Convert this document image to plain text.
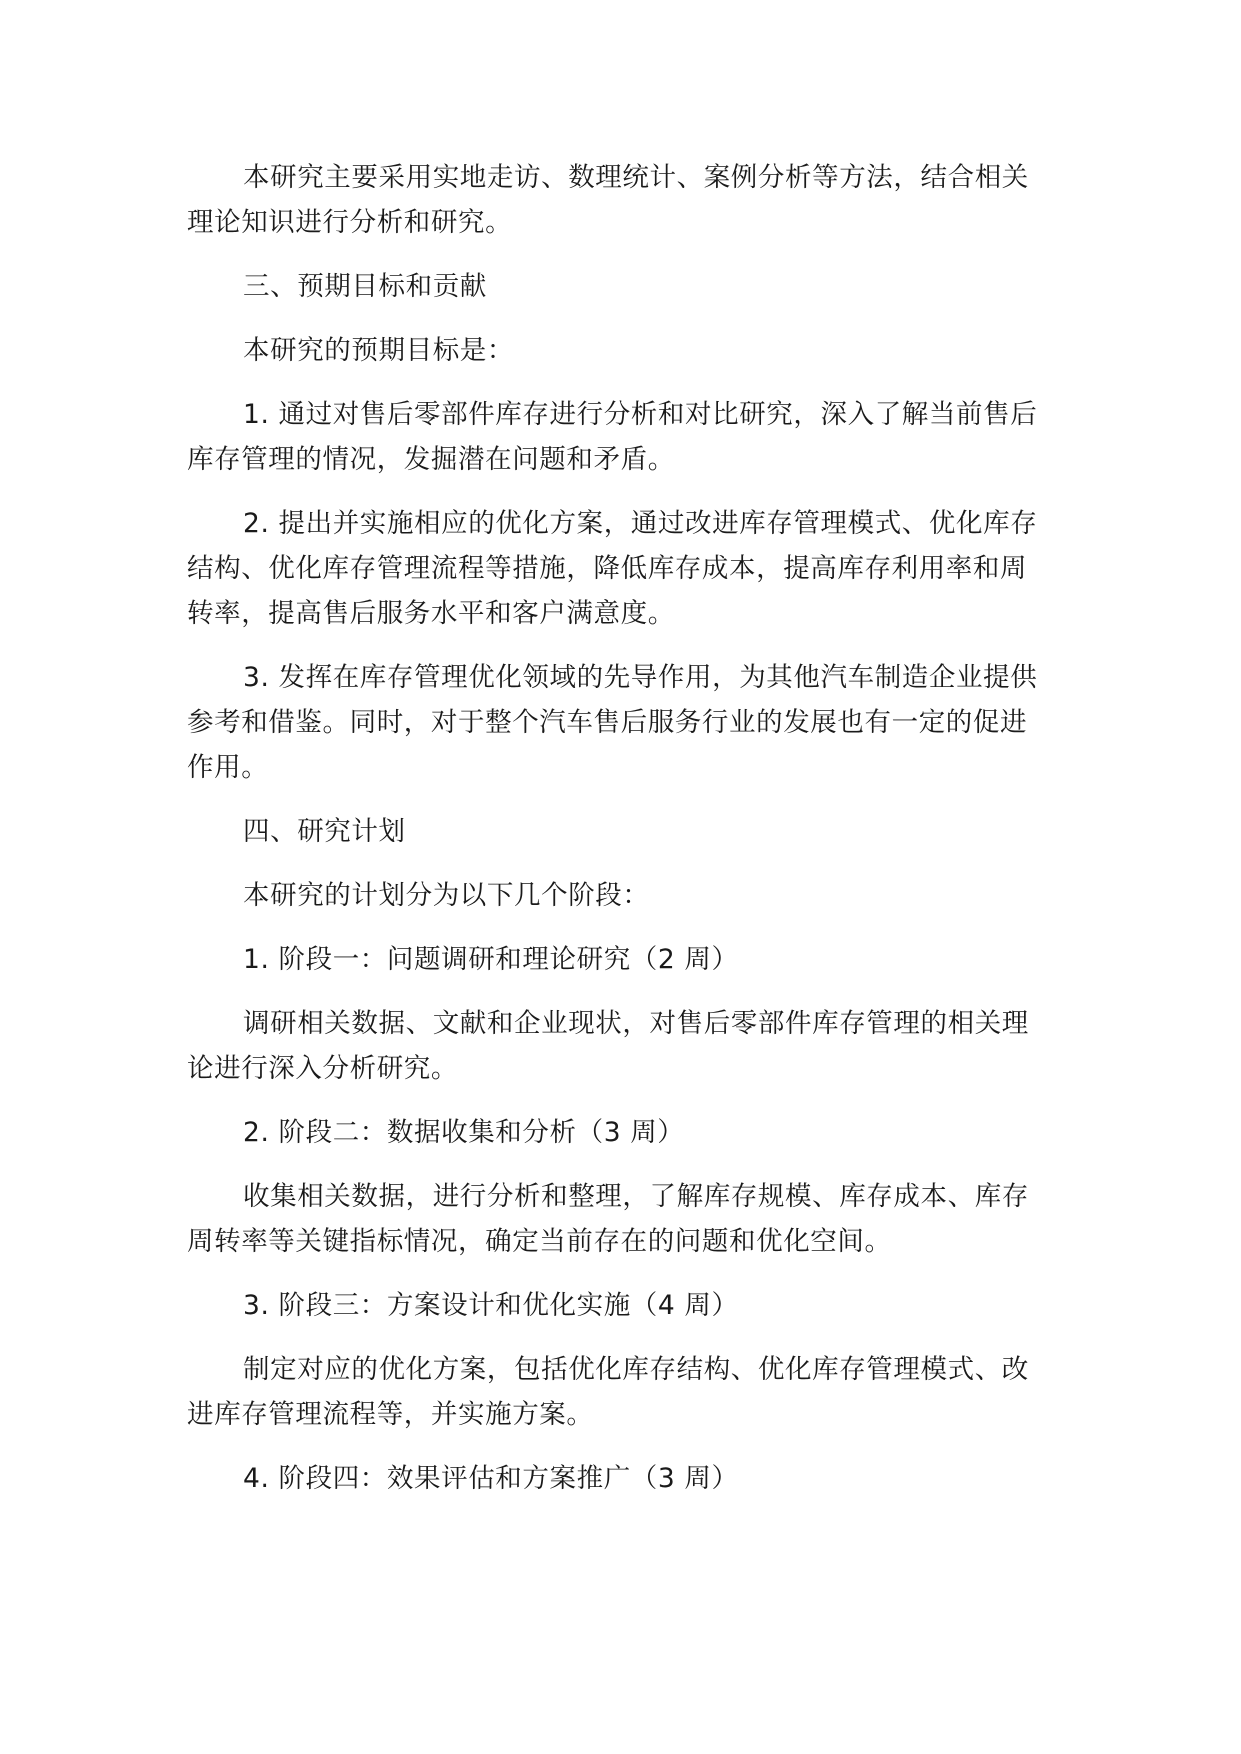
本研究主要采用实地走访、数理统计、案例分析等方法，结合相关理论知识进行分析和研究。

三、预期目标和贡献

本研究的预期目标是：

1. 通过对售后零部件库存进行分析和对比研究，深入了解当前售后库存管理的情况，发掘潜在问题和矛盾。

2. 提出并实施相应的优化方案，通过改进库存管理模式、优化库存结构、优化库存管理流程等措施，降低库存成本，提高库存利用率和周转率，提高售后服务水平和客户满意度。

3. 发挥在库存管理优化领域的先导作用，为其他汽车制造企业提供参考和借鉴。同时，对于整个汽车售后服务行业的发展也有一定的促进作用。

四、研究计划

本研究的计划分为以下几个阶段：

1. 阶段一：问题调研和理论研究（2 周）

调研相关数据、文献和企业现状，对售后零部件库存管理的相关理论进行深入分析研究。

2. 阶段二：数据收集和分析（3 周）

收集相关数据，进行分析和整理，了解库存规模、库存成本、库存周转率等关键指标情况，确定当前存在的问题和优化空间。

3. 阶段三：方案设计和优化实施（4 周）

制定对应的优化方案，包括优化库存结构、优化库存管理模式、改进库存管理流程等，并实施方案。

4. 阶段四：效果评估和方案推广（3 周）
